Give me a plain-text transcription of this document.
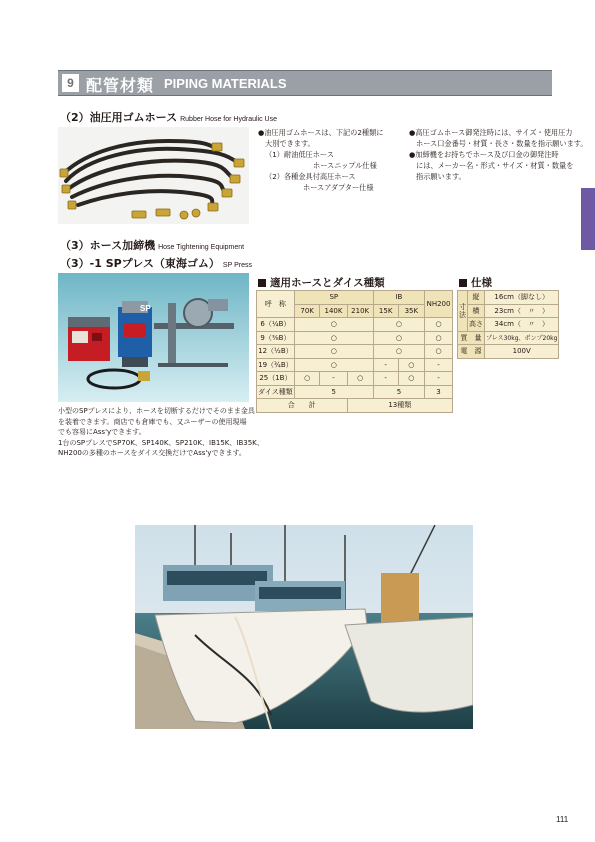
9 配管材類 PIPING MATERIALS
（2）油圧用ゴムホース Rubber Hose for Hydraulic Use
●油圧用ゴムホースは、下記の2種類に
大別できます。
（1）耐油低圧ホース
ホースニップル仕様
（2）各種金具付高圧ホース
ホースアダプター仕様
●高圧ゴムホース御発注時には、サイズ・使用圧力
ホース口金番号・材質・長さ・数量を指示願います。
●加締機をお持ちでホース及び口金の御発注時
には、メーカー名・形式・サイズ・材質・数量を
指示願います。
（3）ホース加締機 Hose Tightening Equipment
（3）-1 SPプレス（東海ゴム） SP Press
SP
小型のSPプレスにより、ホースを切断するだけでそのまま金具
を装着できます。商店でも倉庫でも、又ユーザーの使用現場
でも容易にAss'yできます。
1台のSPプレスでSP70K、SP140K、SP210K、IB15K、IB35K、
NH200の多種のホースをダイス交換だけでAss'yできます。
適用ホースとダイス種類
呼　称	SP			IB		NH200
	70K	140K	210K	15K	35K	
6（¼B）	○			○		○
9（⅜B）	○			○		○
12（½B）	○			○		○
19（¾B）	○			-	○	-
25（1B）	○	-	○	-	○	-
ダイス種類	5			5		3
合　　計			13種類			
仕様
寸法	縦	16cm（脚なし）
	横	23cm（　〃　）
	高さ	34cm（　〃　）
質　量		プレス30kg、ポンプ20kg
電　源		100V
111
